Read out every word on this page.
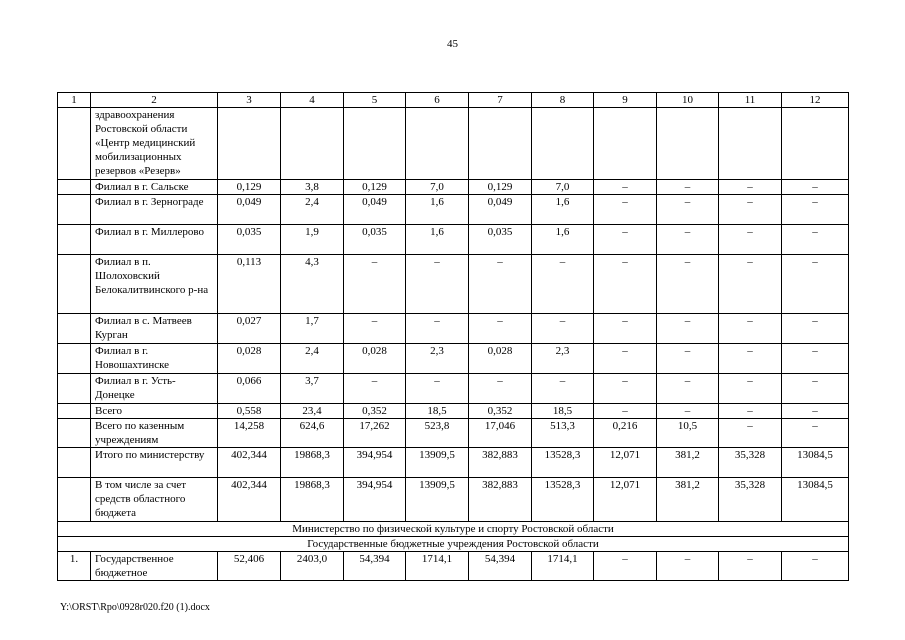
45
1	2	3	4	5	6	7	8	9	10	11	12
	здравоохранения Ростовской области «Центр медицинский мобилизационных резервов «Резерв»										
	Филиал в г. Сальске	0,129	3,8	0,129	7,0	0,129	7,0	–	–	–	–
	Филиал в г. Зернограде	0,049	2,4	0,049	1,6	0,049	1,6	–	–	–	–
	Филиал в г. Миллерово	0,035	1,9	0,035	1,6	0,035	1,6	–	–	–	–
	Филиал в п. Шолоховский Белокалитвинского р-на	0,113	4,3	–	–	–	–	–	–	–	–
	Филиал в с. Матвеев Курган	0,027	1,7	–	–	–	–	–	–	–	–
	Филиал в г. Новошахтинске	0,028	2,4	0,028	2,3	0,028	2,3	–	–	–	–
	Филиал в г. Усть-Донецке	0,066	3,7	–	–	–	–	–	–	–	–
	Всего	0,558	23,4	0,352	18,5	0,352	18,5	–	–	–	–
	Всего по казенным учреждениям	14,258	624,6	17,262	523,8	17,046	513,3	0,216	10,5	–	–
	Итого по министерству	402,344	19868,3	394,954	13909,5	382,883	13528,3	12,071	381,2	35,328	13084,5
	В том числе за счет средств областного бюджета	402,344	19868,3	394,954	13909,5	382,883	13528,3	12,071	381,2	35,328	13084,5
Министерство по физической культуре и спорту Ростовской области											
Государственные бюджетные учреждения Ростовской области											
1.	Государственное бюджетное	52,406	2403,0	54,394	1714,1	54,394	1714,1	–	–	–	–
Y:\ORST\Rpo\0928r020.f20 (1).docx
